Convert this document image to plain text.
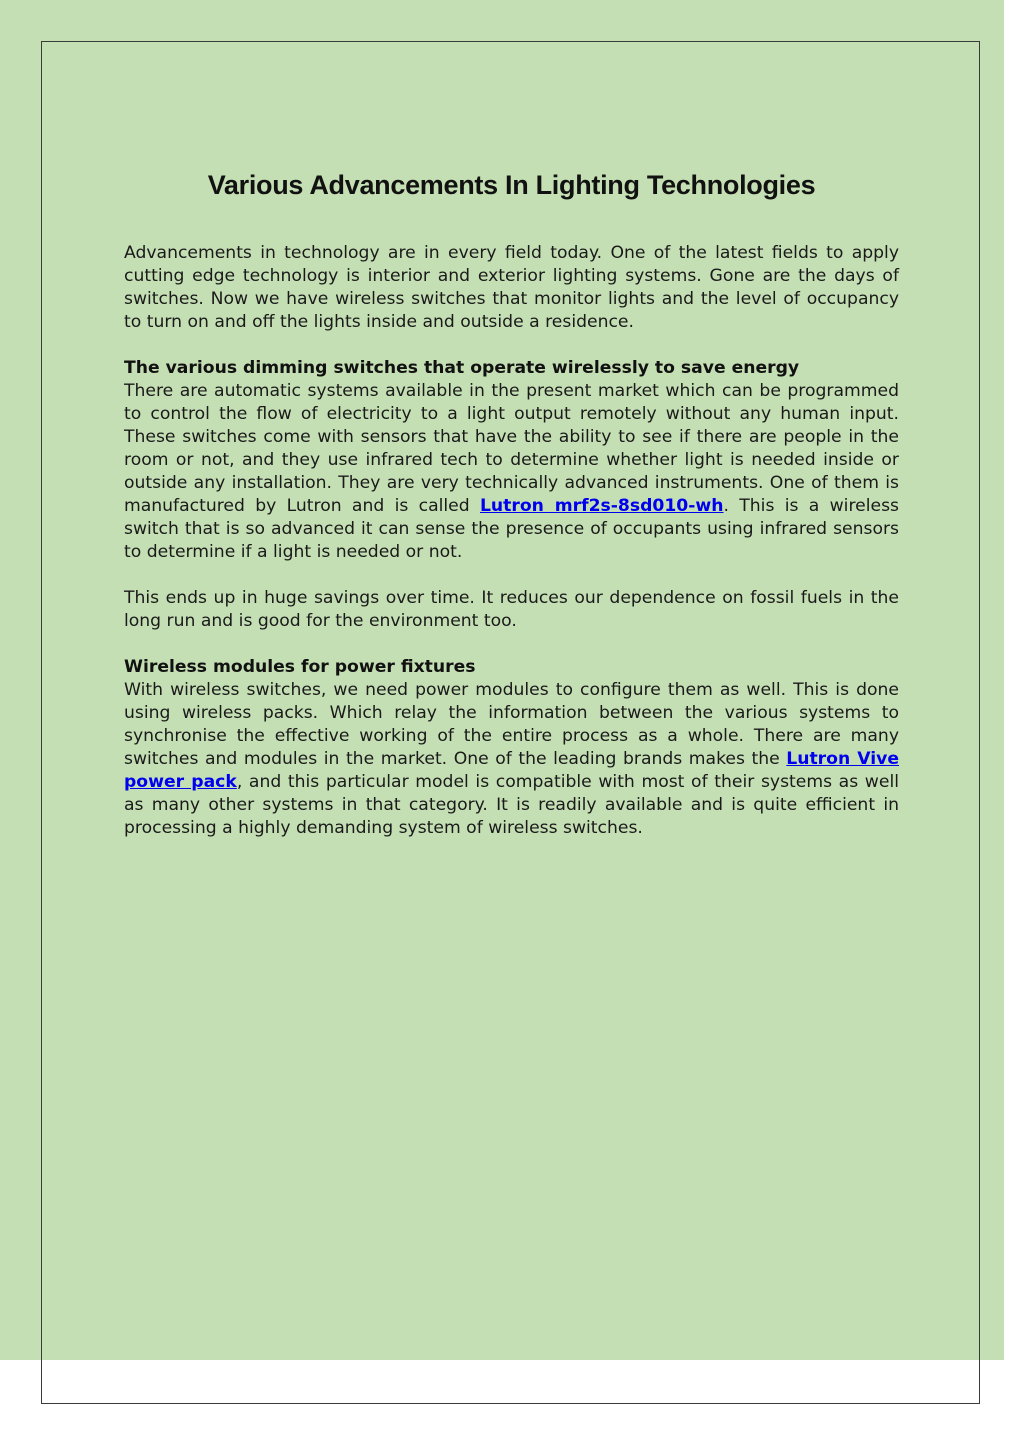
Various Advancements In Lighting Technologies

Advancements in technology are in every field today. One of the latest fields to apply cutting edge technology is interior and exterior lighting systems. Gone are the days of switches. Now we have wireless switches that monitor lights and the level of occupancy to turn on and off the lights inside and outside a residence.

The various dimming switches that operate wirelessly to save energy

There are automatic systems available in the present market which can be programmed to control the flow of electricity to a light output remotely without any human input. These switches come with sensors that have the ability to see if there are people in the room or not, and they use infrared tech to determine whether light is needed inside or outside any installation. They are very technically advanced instruments. One of them is manufactured by Lutron and is called Lutron mrf2s-8sd010-wh. This is a wireless switch that is so advanced it can sense the presence of occupants using infrared sensors to determine if a light is needed or not.

This ends up in huge savings over time. It reduces our dependence on fossil fuels in the long run and is good for the environment too.

Wireless modules for power fixtures

With wireless switches, we need power modules to configure them as well. This is done using wireless packs. Which relay the information between the various systems to synchronise the effective working of the entire process as a whole. There are many switches and modules in the market. One of the leading brands makes the Lutron Vive power pack, and this particular model is compatible with most of their systems as well as many other systems in that category. It is readily available and is quite efficient in processing a highly demanding system of wireless switches.
